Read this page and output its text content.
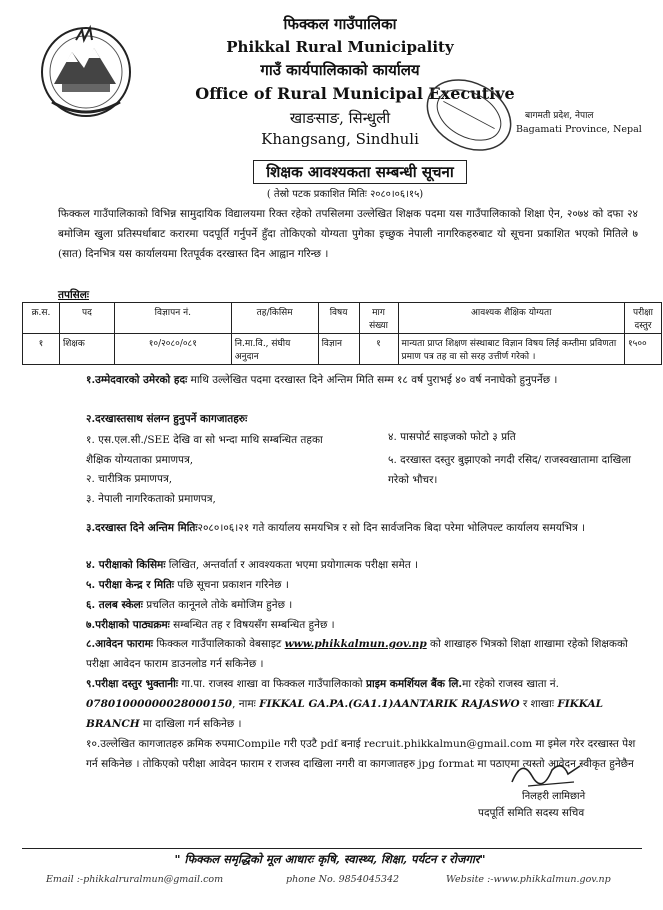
फिक्कल गाउँपालिका
Phikkal Rural Municipality
गाउँ कार्यपालिकाको कार्यालय
Office of Rural Municipal Executive
खाङसाङ, सिन्धुली
Khangsang, Sindhuli
बागमती प्रदेश, नेपाल
Bagamati Province, Nepal
शिक्षक आवश्यकता सम्बन्धी सूचना
( तेस्रो पटक प्रकाशित मितिः २०८०।०६।१५)
फिक्कल गाउँपालिकाको विभिन्न सामुदायिक विद्यालयमा रिक्त रहेको तपसिलमा उल्लेखित शिक्षक पदमा यस गाउँपालिकाको शिक्षा ऐन, २०७४ को दफा २४ बमोजिम खुला प्रतिस्पर्धाबाट करारमा पदपूर्ति गर्नुपर्ने हुँदा तोकिएको योग्यता पुगेका इच्छुक नेपाली नागरिकहरुबाट यो सूचना प्रकाशित भएको मितिले ७ (सात) दिनभित्र यस कार्यालयमा रितपूर्वक दरखास्त दिन आह्वान गरिन्छ ।
तपसिलः
क्र.स.	पद	विज्ञापन नं.	तह/किसिम	विषय	माग संख्या	आवश्यक शैक्षिक योग्यता	परीक्षा दस्तुर
१	शिक्षक	१०/२०८०/०८१	नि.मा.वि., संघीय अनुदान	विज्ञान	१	मान्यता प्राप्त शिक्षण संस्थाबाट विज्ञान विषय लिई कम्तीमा प्रविणता प्रमाण पत्र तह वा सो सरह उत्तीर्ण गरेको ।	१५००
१.उम्मेदवारको उमेरको हदः माथि उल्लेखित पदमा दरखास्त दिने अन्तिम मिति सम्म १८ वर्ष पुराभई ४० वर्ष ननाघेको हुनुपर्नेछ ।
२.दरखास्तसाथ संलग्न हुनुपर्ने कागजातहरुः
१. एस.एल.सी./SEE देखि वा सो भन्दा माथि सम्बन्धित तहका शैक्षिक योग्यताका प्रमाणपत्र,
२. चारीत्रिक प्रमाणपत्र,
३. नेपाली नागरिकताको प्रमाणपत्र,
४. पासपोर्ट साइजको फोटो ३ प्रति
५. दरखास्त दस्तुर बुझाएको नगदी रसिद/ राजस्वखातामा दाखिला गरेको भौचर।
३.दरखास्त दिने अन्तिम मितिः२०८०।०६।२१ गते कार्यालय समयभित्र र सो दिन सार्वजनिक बिदा परेमा भोलिपल्ट कार्यालय समयभित्र ।
४. परीक्षाको किसिमः लिखित, अन्तर्वार्ता र आवश्यकता भएमा प्रयोगात्मक परीक्षा समेत ।
५. परीक्षा केन्द्र र मितिः पछि सूचना प्रकाशन गरिनेछ ।
६. तलब स्केलः प्रचलित कानूनले तोके बमोजिम हुनेछ ।
७.परीक्षाको पाठ्यक्रमः सम्बन्धित तह र विषयसँग सम्बन्धित हुनेछ ।
८.आवेदन फारामः फिक्कल गाउँपालिकाको वेबसाइट www.phikkalmun.gov.np को शाखाहरु भित्रको शिक्षा शाखामा रहेको शिक्षकको परीक्षा आवेदन फाराम डाउनलोड गर्न सकिनेछ ।
९.परीक्षा दस्तुर भुक्तानीः गा.पा. राजस्व शाखा वा फिक्कल गाउँपालिकाको प्राइम कमर्शियल बैंक लि.मा रहेको राजस्व खाता नं. 07801000000028000150, नामः FIKKAL GA.PA.(GA1.1)AANTARIK RAJASWO र शाखाः FIKKAL BRANCH मा दाखिला गर्न सकिनेछ ।
१०.उल्लेखित कागजातहरु क्रमिक रुपमाCompile गरी एउटै pdf बनाई recruit.phikkalmun@gmail.com मा इमेल गरेर दरखास्त पेश गर्न सकिनेछ । तोकिएको परीक्षा आवेदन फाराम र राजस्व दाखिला नगरी वा कागजातहरु jpg format मा पठाएमा त्यस्तो आवेदन स्वीकृत हुनेछैन
निलहरी लामिछाने
पदपूर्ति समिति सदस्य सचिव
" फिक्कल समृद्धिको मूल आधारः कृषि, स्वास्थ्य, शिक्षा, पर्यटन र रोजगार"
Email :-phikkalruralmun@gmail.com	phone No. 9854045342	Website :-www.phikkalmun.gov.np
